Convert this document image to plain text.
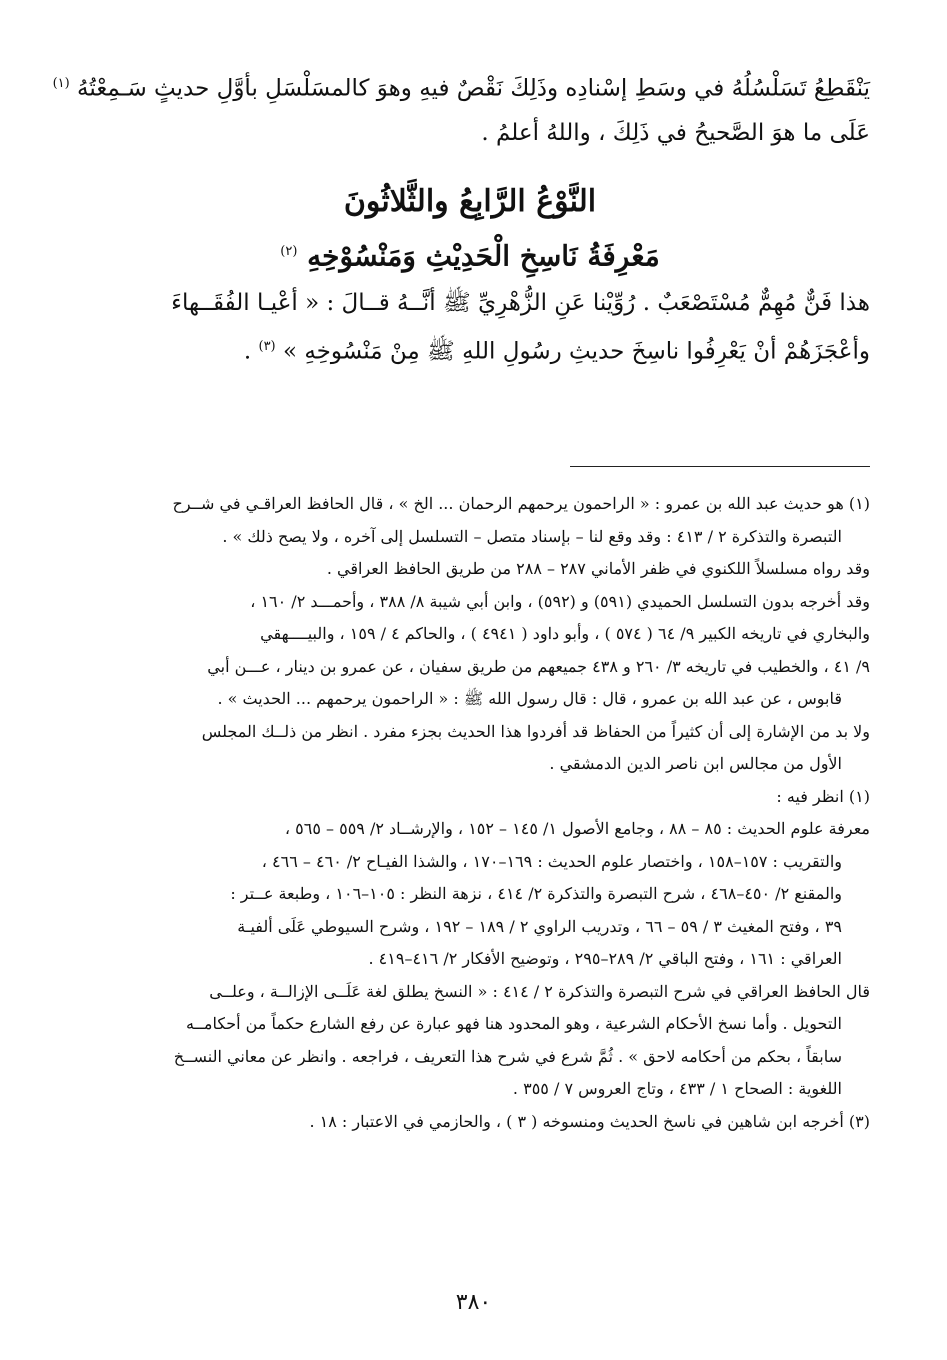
يَنْقَطِعُ تَسَلْسُلُهُ في وسَطِ إسْنادِه وذَلِكَ نَقْصٌ فيهِ وهوَ كالمسَلْسَلِ بأوَّلِ حديثٍ سَـمِعْتُهُ $^{(١)}$
عَلَى ما هوَ الصَّحيحُ في ذَلِكَ ، واللهُ أعلمُ .

النَّوْعُ الرَّابِعُ والثَّلاثُونَ

مَعْرِفَةُ نَاسِخِ الْحَدِيْثِ وَمَنْسُوْخِهِ $^{(٢)}$

هذا فَنٌّ مُهِمٌّ مُسْتَصْعَبٌ . رُوِّيْنا عَنِ الزُّهْرِيِّ ﷺ أنَّــهُ قــالَ : « أعْيـا الفُقَــهاءَ
وأعْجَزَهُمْ أنْ يَعْرِفُوا ناسِخَ حديثِ رسُولِ اللهِ ﷺ مِنْ مَنْسُوخِهِ » $^{(٣)}$ .
(١) هو حديث عبد الله بن عمرو : « الراحمون يرحمهم الرحمان ... الخ » ، قال الحافظ العراقـي في شــرح
التبصرة والتذكرة ٢ / ٤١٣ : وقد وقع لنا – بإسناد متصل – التسلسل إلى آخره ، ولا يصح ذلك » .
وقد رواه مسلسلاً اللكنوي في ظفر الأماني ٢٨٧ – ٢٨٨ من طريق الحافظ العراقي .
وقد أخرجه بدون التسلسل الحميدي (٥٩١) و (٥٩٢) ، وابن أبي شيبة ٨/ ٣٨٨ ، وأحمـــد ٢/ ١٦٠ ،
والبخاري في تاريخه الكبير ٩/ ٦٤ ( ٥٧٤ ) ، وأبو داود ( ٤٩٤١ ) ، والحاكم ٤ / ١٥٩ ، والبيــــهقي
٩/ ٤١ ، والخطيب في تاريخه ٣/ ٢٦٠ و ٤٣٨ جميعهم من طريق سفيان ، عن عمرو بن دينار ، عـــن أبي
قابوس ، عن عبد الله بن عمرو ، قال : قال رسول الله ﷺ : « الراحمون يرحمهم ... الحديث » .
ولا بد من الإشارة إلى أن كثيراً من الحفاظ قد أفردوا هذا الحديث بجزء مفرد . انظر من ذلــك المجلس
الأول من مجالس ابن ناصر الدين الدمشقي .
(١) انظر فيه :
معرفة علوم الحديث : ٨٥ – ٨٨ ، وجامع الأصول ١/ ١٤٥ – ١٥٢ ، والإرشــاد ٢/ ٥٥٩ – ٥٦٥ ،
والتقريب : ١٥٧–١٥٨ ، واختصار علوم الحديث : ١٦٩–١٧٠ ، والشذا الفيـاح ٢/ ٤٦٠ – ٤٦٦ ،
والمقنع ٢/ ٤٥٠–٤٦٨ ، شرح التبصرة والتذكرة ٢/ ٤١٤ ، نزهة النظر : ١٠٥–١٠٦ ، وطبعة عــتر :
٣٩ ، وفتح المغيث ٣ / ٥٩ – ٦٦ ، وتدريب الراوي ٢ / ١٨٩ – ١٩٢ ، وشرح السيوطي عَلَى ألفيـة
العراقي : ١٦١ ، وفتح الباقي ٢/ ٢٨٩–٢٩٥ ، وتوضيح الأفكار ٢/ ٤١٦–٤١٩ .
قال الحافظ العراقي في شرح التبصرة والتذكرة ٢ / ٤١٤ : « النسخ يطلق لغة عَلَــى الإزالــة ، وعلــى
التحويل . وأما نسخ الأحكام الشرعية ، وهو المحدود هنا فهو عبارة عن رفع الشارع حكماً من أحكامــه
سابقاً ، بحكم من أحكامه لاحق » . ثُمَّ شرع في شرح هذا التعريف ، فراجعه . وانظر عن معاني النســخ
اللغوية : الصحاح ١ / ٤٣٣ ، وتاج العروس ٧ / ٣٥٥ .
(٣) أخرجه ابن شاهين في ناسخ الحديث ومنسوخه ( ٣ ) ، والحازمي في الاعتبار : ١٨ .
٣٨٠
